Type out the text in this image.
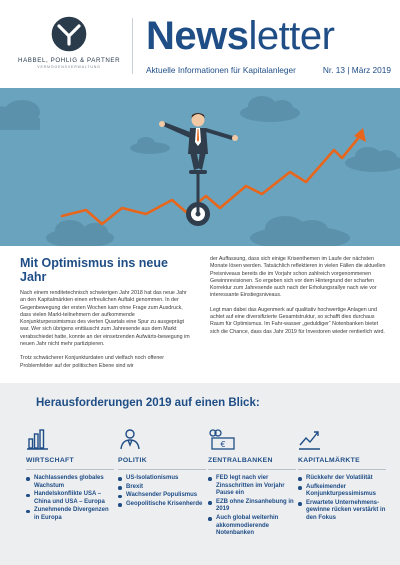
HABBEL, POHLIG & PARTNER
VERMÖGENSVERWALTUNG
Newsletter
Aktuelle Informationen für Kapitalanleger	Nr. 13 | März 2019
Mit Optimismus ins neue Jahr

Nach einem renditetechnisch schwierigen Jahr 2018 hat das neue Jahr an den Kapitalmärkten einen erfreulichen Auftakt genommen. In der Gegenbewegung der ersten Wochen kam ohne Frage zum Ausdruck, dass vielen Markt-teilnehmern der aufkommende Konjunkturpessimismus des vierten Quartals eine Spur zu ausgeprägt war. Wer sich übrigens enttäuscht zum Jahresende aus dem Markt verabschiedet hatte, konnte an der einsetzenden Aufwärts-bewegung im neuen Jahr nicht mehr partizipieren.

Trotz schwächerer Konjunkturdaten und vielfach noch offener Problemfelder auf der politischen Ebene sind wir

der Auffassung, dass sich einige Krisenthemen im Laufe der nächsten Monate lösen werden. Tatsächlich reflektieren in vielen Fällen die aktuellen Preisniveaus bereits die im Vorjahr schon zahlreich vorgenommenen Gewinnrevisionen. So ergeben sich vor dem Hintergrund der scharfen Korrektur zum Jahresende auch nach der Erholungsrallye nach wie vor interessante Einstiegsniveaus.

Legt man dabei das Augenmerk auf qualitativ hochwertige Anlagen und achtet auf eine diversifizierte Gesamtstruktur, so schafft dies durchaus Raum für Optimismus. Im Fahr-wasser „geduldiger“ Notenbanken bietet sich die Chance, dass das Jahr 2019 für Investoren wieder rentierlich wird.

Herausforderungen 2019 auf einen Blick:
WIRTSCHAFT
Nachlassendes globales Wachstum
Handelskonflikte USA – China und USA – Europa
Zunehmende Divergenzen in Europa
POLITIK
US-Isolationismus
Brexit
Wachsender Populismus
Geopolitische Krisenherde
€
ZENTRALBANKEN
FED legt nach vier Zinsschritten im Vorjahr Pause ein
EZB ohne Zinsanhebung in 2019
Auch global weiterhin akkommodierende Notenbanken
KAPITALMÄRKTE
Rückkehr der Volatilität
Aufkeimender Konjunkturpessimismus
Erwartete Unternehmens-gewinne rücken verstärkt in den Fokus
